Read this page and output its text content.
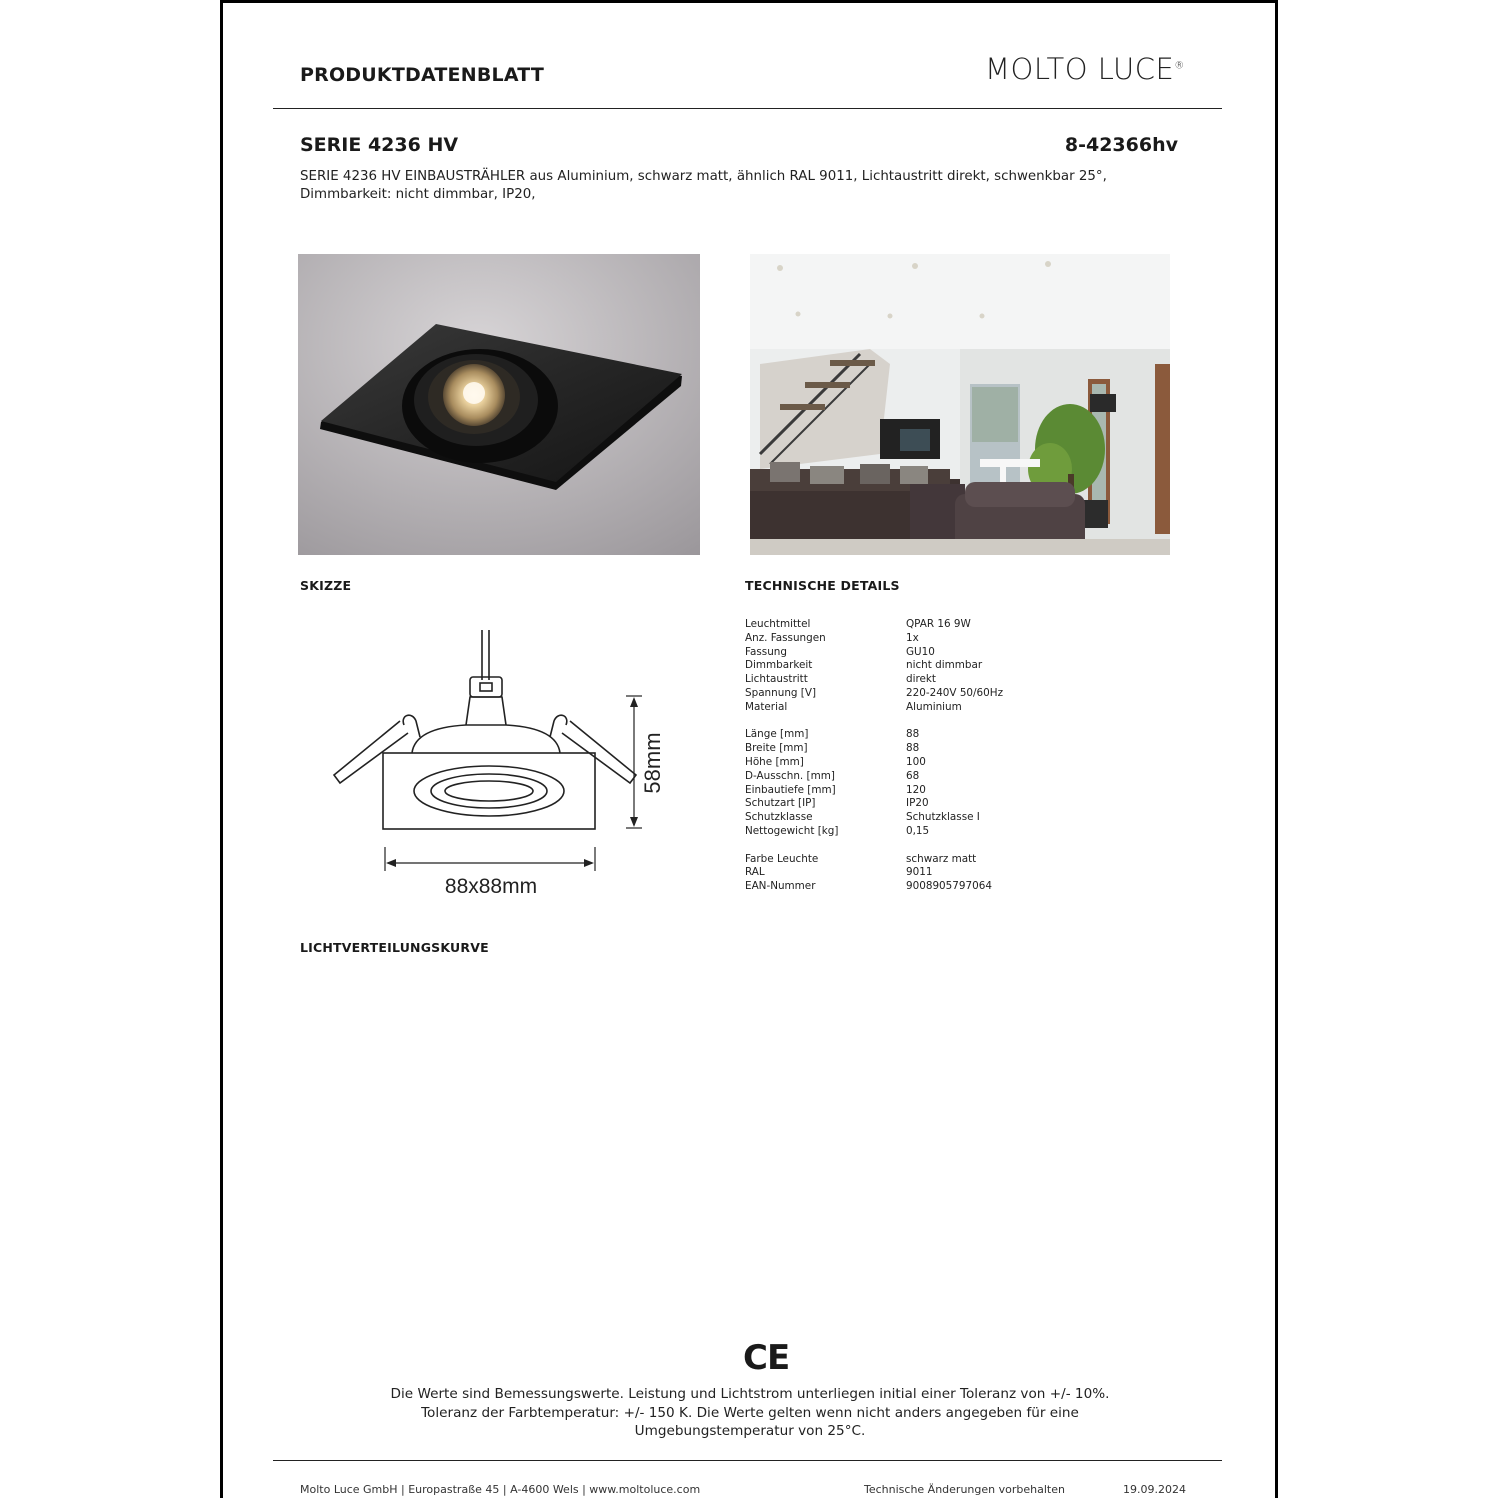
PRODUKTDATENBLATT	MOLTO LUCE®
SERIE 4236 HV	8-42366hv
SERIE 4236 HV EINBAUSTRÄHLER aus Aluminium, schwarz matt, ähnlich RAL 9011, Lichtaustritt direkt, schwenkbar 25°, Dimmbarkeit: nicht dimmbar, IP20,
SKIZZE	TECHNISCHE DETAILS
58mm
88x88mm
Leuchtmittel	QPAR 16 9W
Anz. Fassungen	1x
Fassung	GU10
Dimmbarkeit	nicht dimmbar
Lichtaustritt	direkt
Spannung [V]	220-240V 50/60Hz
Material	Aluminium
Länge [mm]	88
Breite [mm]	88
Höhe [mm]	100
D-Ausschn. [mm]	68
Einbautiefe [mm]	120
Schutzart [IP]	IP20
Schutzklasse	Schutzklasse I
Nettogewicht [kg]	0,15
Farbe Leuchte	schwarz matt
RAL	9011
EAN-Nummer	9008905797064
LICHTVERTEILUNGSKURVE
CE
Die Werte sind Bemessungswerte. Leistung und Lichtstrom unterliegen initial einer Toleranz von +/- 10%.
Toleranz der Farbtemperatur: +/- 150 K. Die Werte gelten wenn nicht anders angegeben für eine
Umgebungstemperatur von 25°C.
Molto Luce GmbH | Europastraße 45 | A-4600 Wels | www.moltoluce.com	Technische Änderungen vorbehalten	19.09.2024
